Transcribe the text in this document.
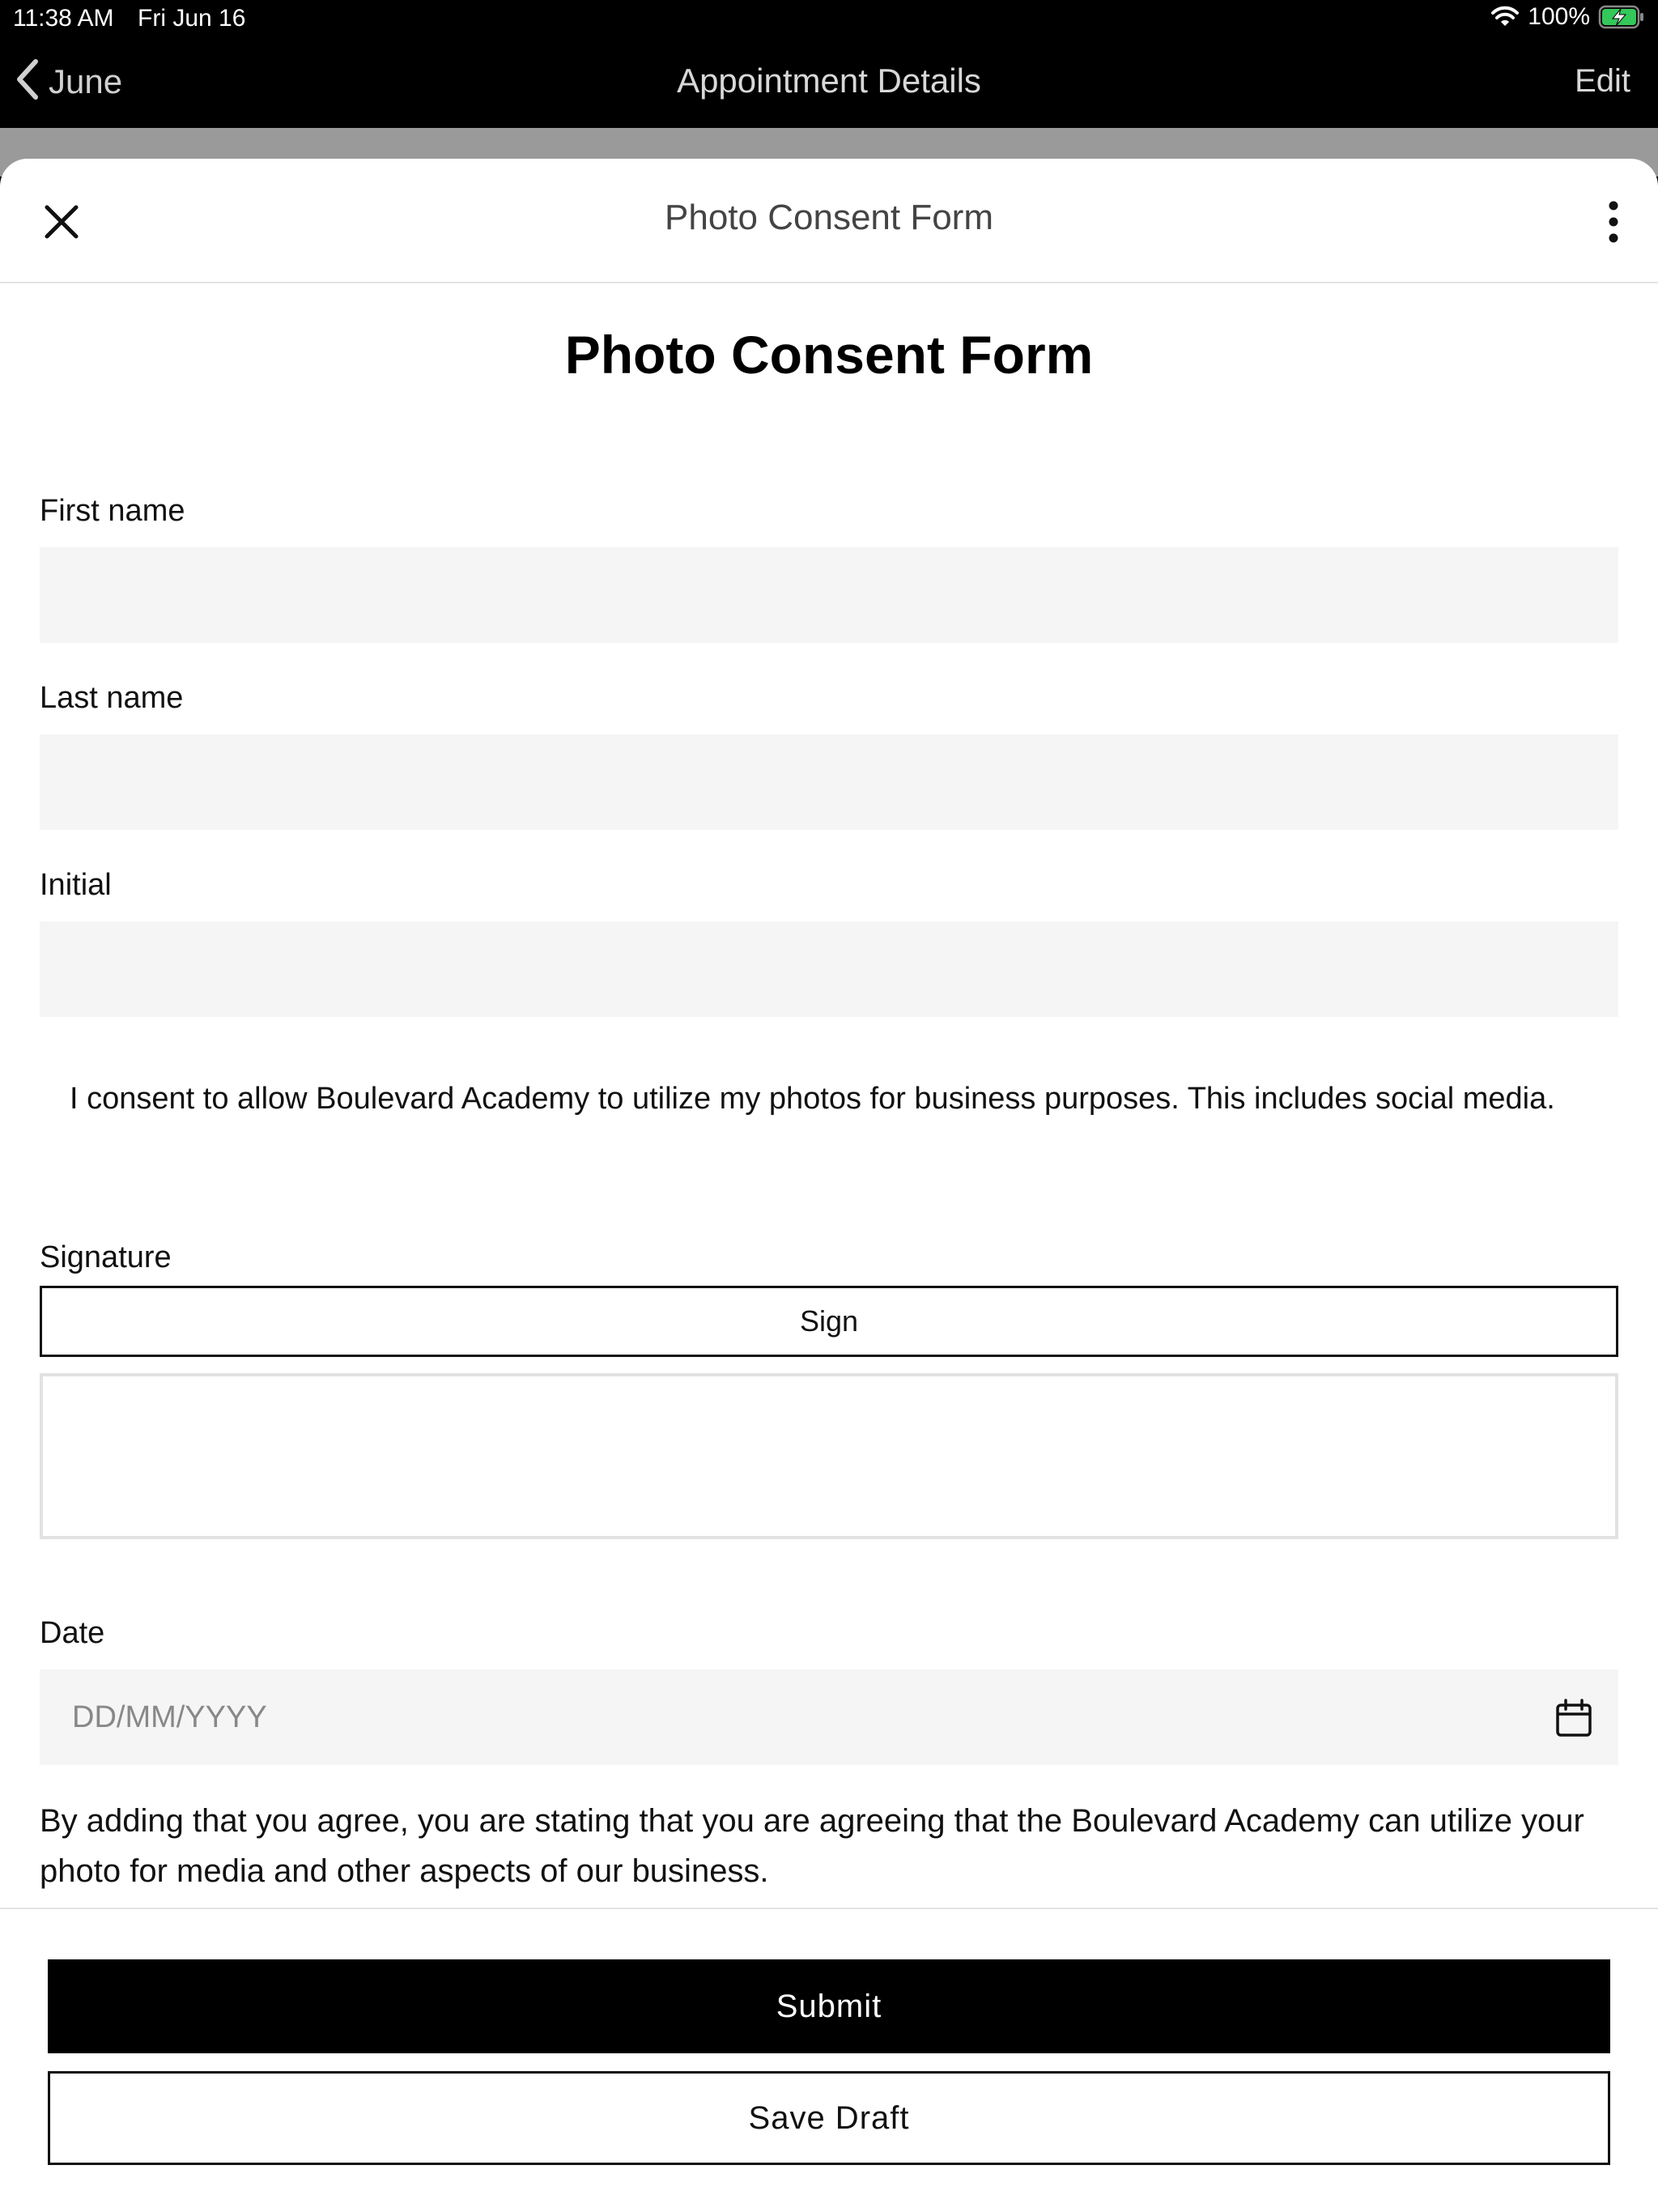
11:38 AM Fri Jun 16	100%
June	Appointment Details	Edit
Photo Consent Form
Photo Consent Form
First name
Last name
Initial
I consent to allow Boulevard Academy to utilize my photos for business purposes. This includes social media.
Signature
Sign
Date
DD/MM/YYYY
By adding that you agree, you are stating that you are agreeing that the Boulevard Academy can utilize your photo for media and other aspects of our business.
Submit
Save Draft
